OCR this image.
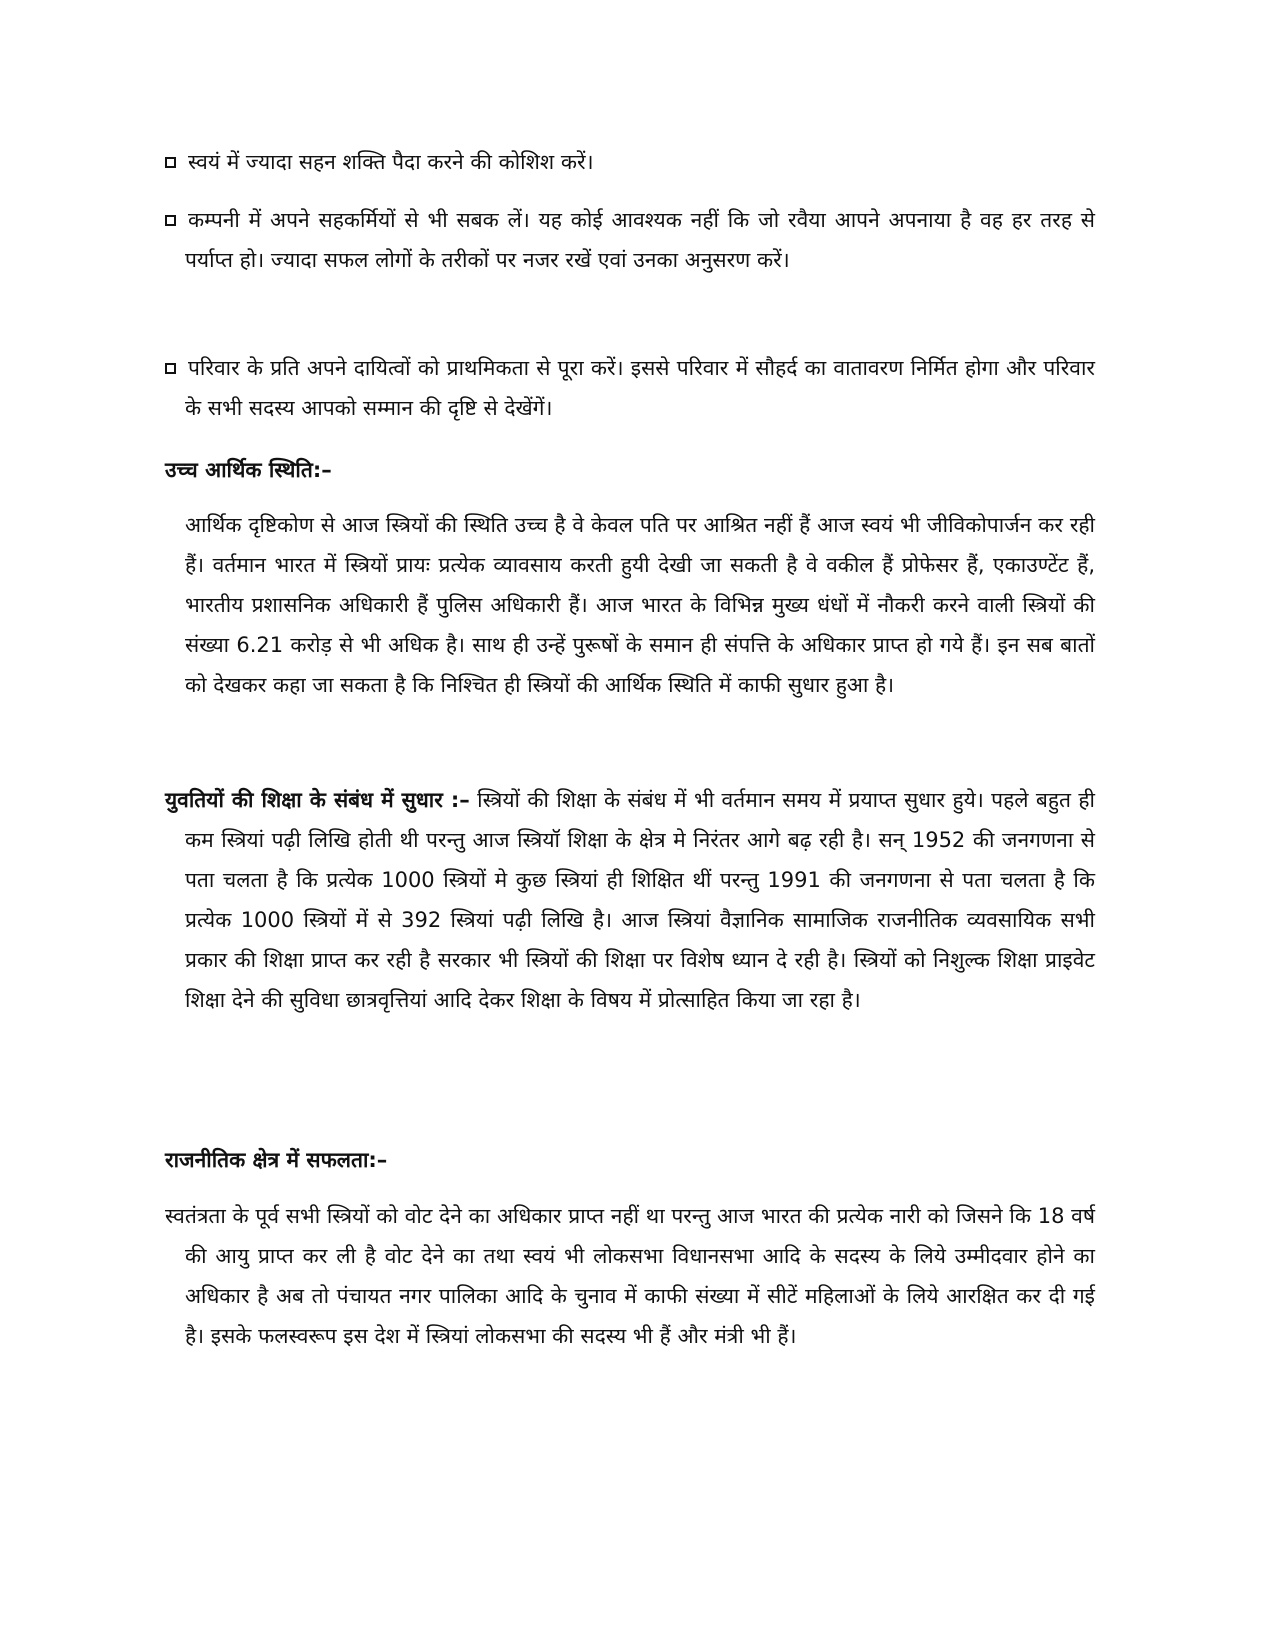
स्वयं में ज्यादा सहन शक्ति पैदा करने की कोशिश करें।
कम्पनी में अपने सहकर्मियों से भी सबक लें। यह कोई आवश्यक नहीं कि जो रवैया आपने अपनाया है वह हर तरह से पर्याप्त हो। ज्यादा सफल लोगों के तरीकों पर नजर रखें एवां उनका अनुसरण करें।
परिवार के प्रति अपने दायित्वों को प्राथमिकता से पूरा करें। इससे परिवार में सौहर्द का वातावरण निर्मित होगा और परिवार के सभी सदस्य आपको सम्मान की दृष्टि से देखेंगें।
उच्च आर्थिक स्थिति:–
आर्थिक दृष्टिकोण से आज स्त्रियों की स्थिति उच्च है वे केवल पति पर आश्रित नहीं हैं आज स्वयं भी जीविकोपार्जन कर रही हैं। वर्तमान भारत में स्त्रियों प्रायः प्रत्येक व्यावसाय करती हुयी देखी जा सकती है वे वकील हैं प्रोफेसर हैं, एकाउण्टेंट हैं, भारतीय प्रशासनिक अधिकारी हैं पुलिस अधिकारी हैं। आज भारत के विभिन्न मुख्य धंधों में नौकरी करने वाली स्त्रियों की संख्या 6.21 करोड़ से भी अधिक है। साथ ही उन्हें पुरूषों के समान ही संपत्ति के अधिकार प्राप्त हो गये हैं। इन सब बातों को देखकर कहा जा सकता है कि निश्चित ही स्त्रियों की आर्थिक स्थिति में काफी सुधार हुआ है।
युवतियों की शिक्षा के संबंध में सुधार :– स्त्रियों की शिक्षा के संबंध में भी वर्तमान समय में प्रयाप्त सुधार हुये। पहले बहुत ही कम स्त्रियां पढ़ी लिखि होती थी परन्तु आज स्त्रियॉ शिक्षा के क्षेत्र मे निरंतर आगे बढ़ रही है। सन् 1952 की जनगणना से पता चलता है कि प्रत्येक 1000 स्त्रियों मे कुछ स्त्रियां ही शिक्षित थीं परन्तु 1991 की जनगणना से पता चलता है कि प्रत्येक 1000 स्त्रियों में से 392 स्त्रियां पढ़ी लिखि है। आज स्त्रियां वैज्ञानिक सामाजिक राजनीतिक व्यवसायिक सभी प्रकार की शिक्षा प्राप्त कर रही है सरकार भी स्त्रियों की शिक्षा पर विशेष ध्यान दे रही है। स्त्रियों को निशुल्क शिक्षा प्राइवेट शिक्षा देने की सुविधा छात्रवृत्तियां आदि देकर शिक्षा के विषय में प्रोत्साहित किया जा रहा है।
राजनीतिक क्षेत्र में सफलता:–
स्वतंत्रता के पूर्व सभी स्त्रियों को वोट देने का अधिकार प्राप्त नहीं था परन्तु आज भारत की प्रत्येक नारी को जिसने कि 18 वर्ष की आयु प्राप्त कर ली है वोट देने का तथा स्वयं भी लोकसभा विधानसभा आदि के सदस्य के लिये उम्मीदवार होने का अधिकार है अब तो पंचायत नगर पालिका आदि के चुनाव में काफी संख्या में सीटें महिलाओं के लिये आरक्षित कर दी गई है। इसके फलस्वरूप इस देश में स्त्रियां लोकसभा की सदस्य भी हैं और मंत्री भी हैं।
